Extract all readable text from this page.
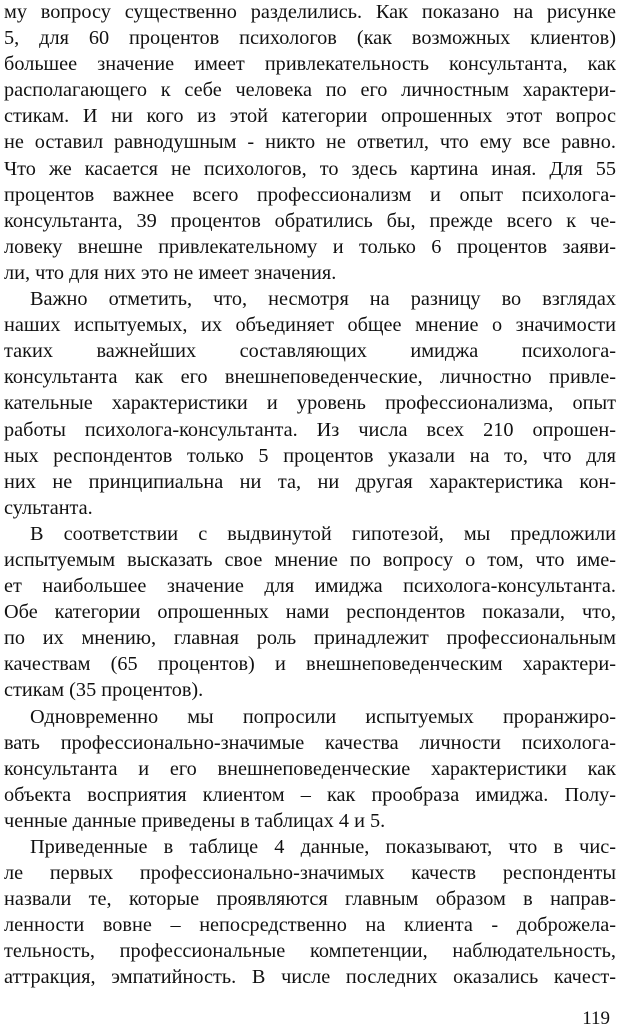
му вопросу существенно разделились. Как показано на рисунке
5, для 60 процентов психологов (как возможных клиентов)
большее значение имеет привлекательность консультанта, как
располагающего к себе человека по его личностным характери-
стикам. И ни кого из этой категории опрошенных этот вопрос
не оставил равнодушным - никто не ответил, что ему все равно.
Что же касается не психологов, то здесь картина иная. Для 55
процентов важнее всего профессионализм и опыт психолога-
консультанта, 39 процентов обратились бы, прежде всего к че-
ловеку внешне привлекательному и только 6 процентов заяви-
ли, что для них это не имеет значения.
Важно отметить, что, несмотря на разницу во взглядах
наших испытуемых, их объединяет общее мнение о значимости
таких важнейших составляющих имиджа психолога-
консультанта как его внешнеповеденческие, личностно привле-
кательные характеристики и уровень профессионализма, опыт
работы психолога-консультанта. Из числа всех 210 опрошен-
ных респондентов только 5 процентов указали на то, что для
них не принципиальна ни та, ни другая характеристика кон-
сультанта.
В соответствии с выдвинутой гипотезой, мы предложили
испытуемым высказать свое мнение по вопросу о том, что име-
ет наибольшее значение для имиджа психолога-консультанта.
Обе категории опрошенных нами респондентов показали, что,
по их мнению, главная роль принадлежит профессиональным
качествам (65 процентов) и внешнеповеденческим характери-
стикам (35 процентов).
Одновременно мы попросили испытуемых проранжиро-
вать профессионально-значимые качества личности психолога-
консультанта и его внешнеповеденческие характеристики как
объекта восприятия клиентом – как прообраза имиджа. Полу-
ченные данные приведены в таблицах 4 и 5.
Приведенные в таблице 4 данные, показывают, что в чис-
ле первых профессионально-значимых качеств респонденты
назвали те, которые проявляются главным образом в направ-
ленности вовне – непосредственно на клиента - доброжела-
тельность, профессиональные компетенции, наблюдательность,
аттракция, эмпатийность. В числе последних оказались качест-
119
